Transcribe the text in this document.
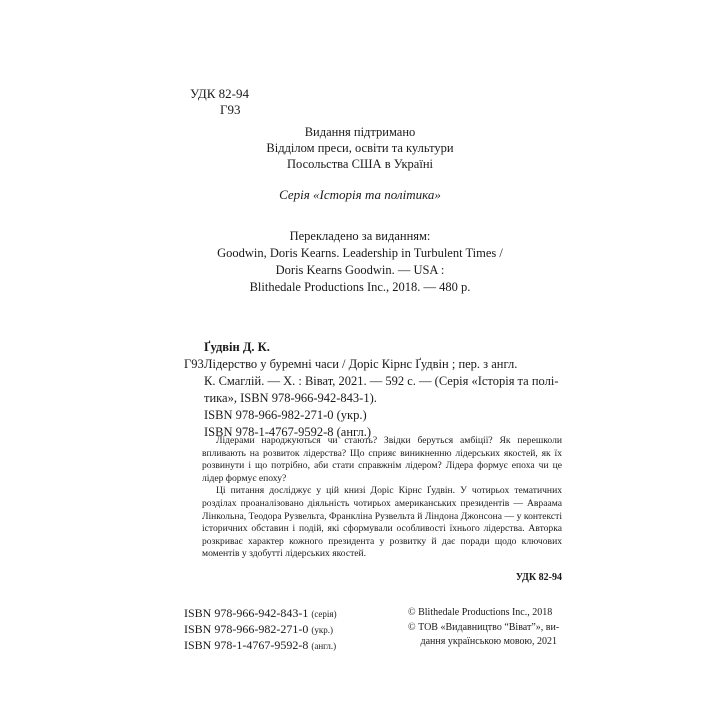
УДК 82-94
Г93
Видання підтримано
Відділом преси, освіти та культури
Посольства США в Україні
Серія «Історія та політика»
Перекладено за виданням:
Goodwin, Doris Kearns. Leadership in Turbulent Times /
Doris Kearns Goodwin. — USA :
Blithedale Productions Inc., 2018. — 480 p.
Ґудвін Д. К.
Г93 Лідерство у буремні часи / Доріс Кірнс Ґудвін ; пер. з англ.
К. Смаглій. — Х. : Віват, 2021. — 592 с. — (Серія «Історія та полі-
тика», ISBN 978-966-942-843-1).
ISBN 978-966-982-271-0 (укр.)
ISBN 978-1-4767-9592-8 (англ.)

Лідерами народжуються чи стають? Звідки беруться амбіції? Як перешколи впливають на розвиток лідерства? Що сприяє виникненню лідерських якостей, як їх розвинути і що потрібно, аби стати справжнім лідером? Лідера формує епоха чи це лідер формує епоху?

Ці питання досліджує у цій книзі Доріс Кірнс Ґудвін. У чотирьох тематичних розділах проаналізовано діяльність чотирьох американських президентів — Авраама Лінкольна, Теодора Рузвельта, Франкліна Рузвельта й Ліндона Джонсона — у контексті історичних обставин і подій, які сформували особливості їхнього лідерства. Авторка розкриває характер кожного президента у розвитку й дає поради щодо ключових моментів у здобутті лідерських якостей.

УДК 82-94
ISBN 978-966-942-843-1 (серія)
ISBN 978-966-982-271-0 (укр.)
ISBN 978-1-4767-9592-8 (англ.)
© Blithedale Productions Inc., 2018
© ТОВ «Видавництво “Віват”», ви-
дання українською мовою, 2021
